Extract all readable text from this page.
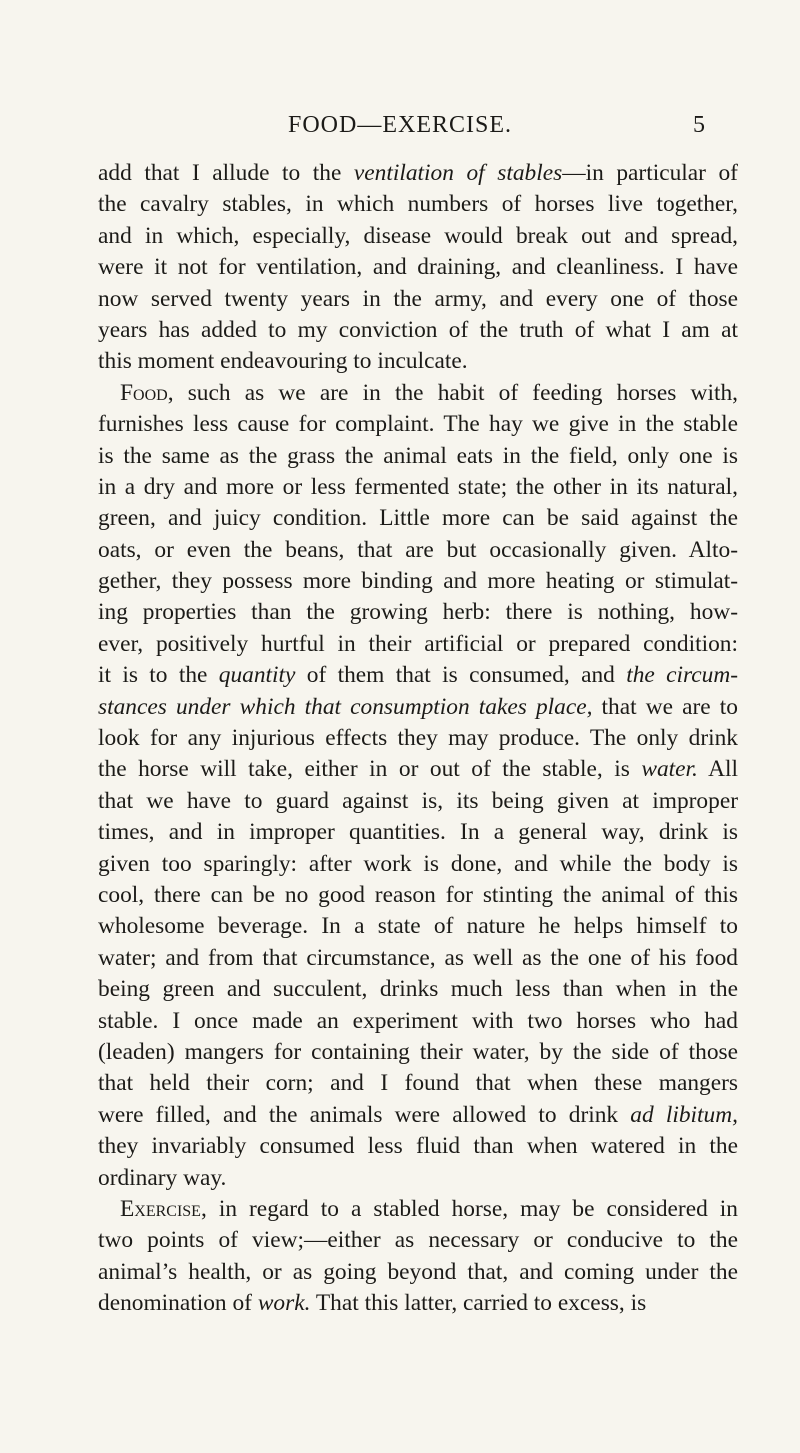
FOOD—EXERCISE.	5
add that I allude to the ventilation of stables—in particular of
the cavalry stables, in which numbers of horses live together,
and in which, especially, disease would break out and spread,
were it not for ventilation, and draining, and cleanliness. I have
now served twenty years in the army, and every one of those
years has added to my conviction of the truth of what I am at
this moment endeavouring to inculcate.
Food, such as we are in the habit of feeding horses with,
furnishes less cause for complaint. The hay we give in the stable
is the same as the grass the animal eats in the field, only one is
in a dry and more or less fermented state; the other in its natural,
green, and juicy condition. Little more can be said against the
oats, or even the beans, that are but occasionally given. Alto-
gether, they possess more binding and more heating or stimulat-
ing properties than the growing herb: there is nothing, how-
ever, positively hurtful in their artificial or prepared condition:
it is to the quantity of them that is consumed, and the circum-
stances under which that consumption takes place, that we are to
look for any injurious effects they may produce. The only drink
the horse will take, either in or out of the stable, is water. All
that we have to guard against is, its being given at improper
times, and in improper quantities. In a general way, drink is
given too sparingly: after work is done, and while the body is
cool, there can be no good reason for stinting the animal of this
wholesome beverage. In a state of nature he helps himself to
water; and from that circumstance, as well as the one of his food
being green and succulent, drinks much less than when in the
stable. I once made an experiment with two horses who had
(leaden) mangers for containing their water, by the side of those
that held their corn; and I found that when these mangers
were filled, and the animals were allowed to drink ad libitum,
they invariably consumed less fluid than when watered in the
ordinary way.
Exercise, in regard to a stabled horse, may be considered in
two points of view;—either as necessary or conducive to the
animal’s health, or as going beyond that, and coming under the
denomination of work. That this latter, carried to excess, is
